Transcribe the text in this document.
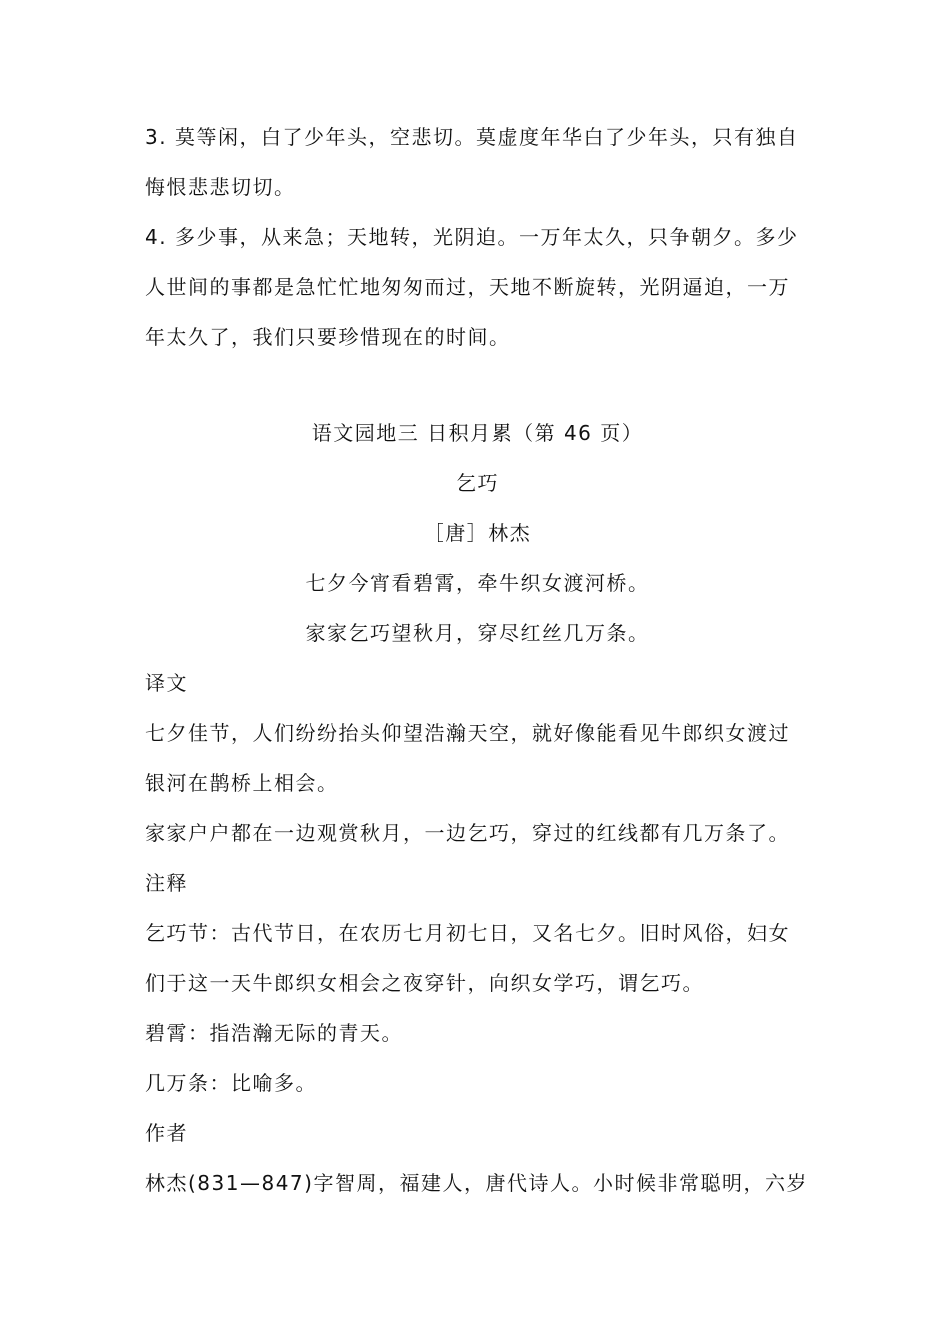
3. 莫等闲，白了少年头，空悲切。莫虚度年华白了少年头，只有独自悔恨悲悲切切。

4. 多少事，从来急；天地转，光阴迫。一万年太久，只争朝夕。多少人世间的事都是急忙忙地匆匆而过，天地不断旋转，光阴逼迫，一万年太久了，我们只要珍惜现在的时间。

语文园地三 日积月累（第 46 页）

乞巧

［唐］林杰

七夕今宵看碧霄，牵牛织女渡河桥。

家家乞巧望秋月，穿尽红丝几万条。

译文

七夕佳节，人们纷纷抬头仰望浩瀚天空，就好像能看见牛郎织女渡过银河在鹊桥上相会。

家家户户都在一边观赏秋月，一边乞巧，穿过的红线都有几万条了。

注释

乞巧节：古代节日，在农历七月初七日，又名七夕。旧时风俗，妇女们于这一天牛郎织女相会之夜穿针，向织女学巧，谓乞巧。

碧霄：指浩瀚无际的青天。

几万条：比喻多。

作者

林杰(831—847)字智周，福建人，唐代诗人。小时候非常聪明，六岁
